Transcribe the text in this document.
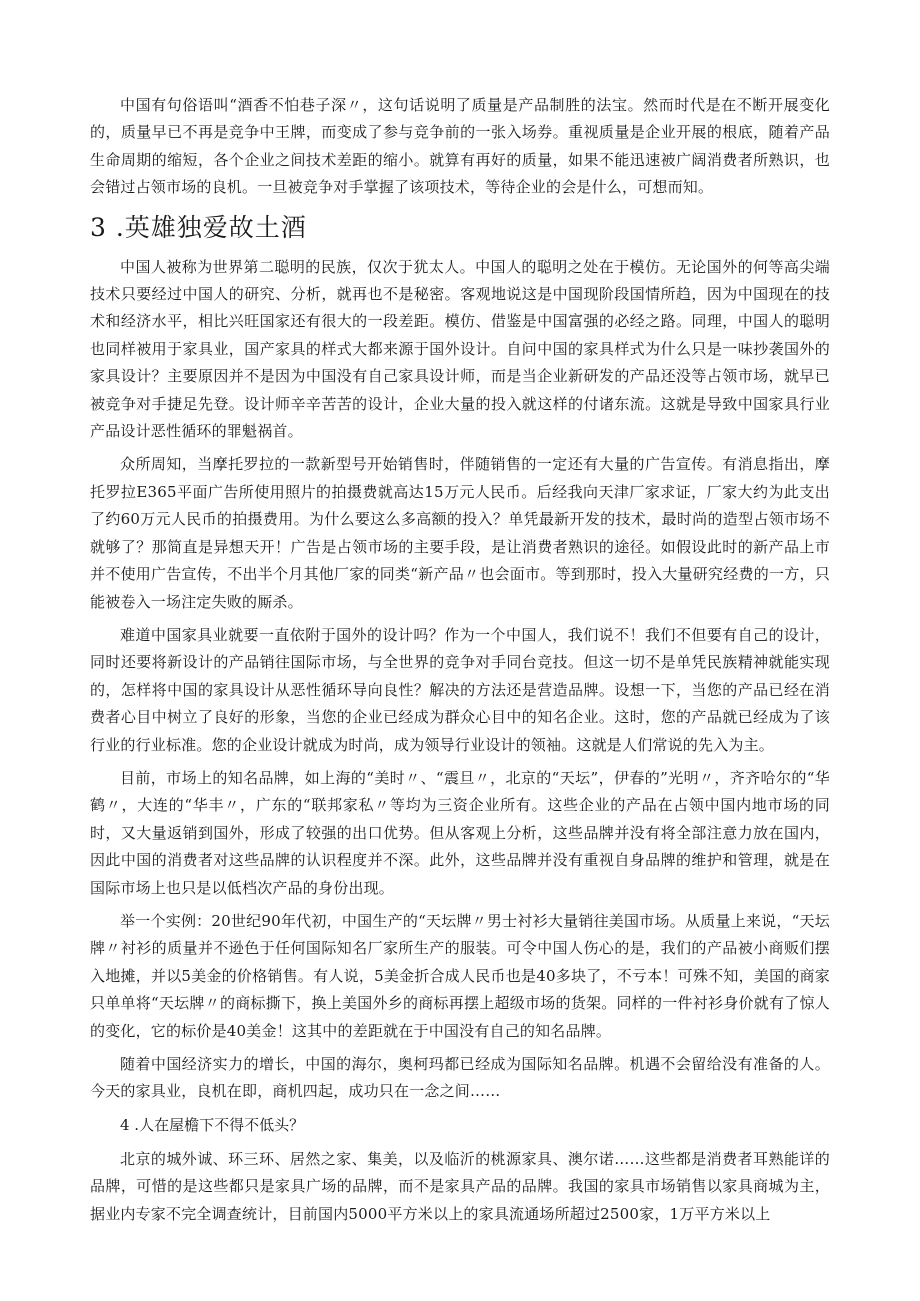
中国有句俗语叫“酒香不怕巷子深〃，这句话说明了质量是产品制胜的法宝。然而时代是在不断开展变化的，质量早已不再是竞争中王牌，而变成了参与竞争前的一张入场券。重视质量是企业开展的根底，随着产品生命周期的缩短，各个企业之间技术差距的缩小。就算有再好的质量，如果不能迅速被广阔消费者所熟识，也会错过占领市场的良机。一旦被竞争对手掌握了该项技术，等待企业的会是什么，可想而知。

3 .英雄独爱故土酒

中国人被称为世界第二聪明的民族，仅次于犹太人。中国人的聪明之处在于模仿。无论国外的何等高尖端技术只要经过中国人的研究、分析，就再也不是秘密。客观地说这是中国现阶段国情所趋，因为中国现在的技术和经济水平，相比兴旺国家还有很大的一段差距。模仿、借鉴是中国富强的必经之路。同理，中国人的聪明也同样被用于家具业，国产家具的样式大都来源于国外设计。自问中国的家具样式为什么只是一味抄袭国外的家具设计？主要原因并不是因为中国没有自己家具设计师，而是当企业新研发的产品还没等占领市场，就早已被竞争对手捷足先登。设计师辛辛苦苦的设计，企业大量的投入就这样的付诸东流。这就是导致中国家具行业产品设计恶性循环的罪魁祸首。

众所周知，当摩托罗拉的一款新型号开始销售时，伴随销售的一定还有大量的广告宣传。有消息指出，摩托罗拉E365平面广告所使用照片的拍摄费就高达15万元人民币。后经我向天津厂家求证，厂家大约为此支出了约60万元人民币的拍摄费用。为什么要这么多高额的投入？单凭最新开发的技术，最时尚的造型占领市场不就够了？那简直是异想天开！广告是占领市场的主要手段，是让消费者熟识的途径。如假设此时的新产品上市并不使用广告宣传，不出半个月其他厂家的同类“新产品〃也会面市。等到那时，投入大量研究经费的一方，只能被卷入一场注定失败的厮杀。

难道中国家具业就要一直依附于国外的设计吗？作为一个中国人，我们说不！我们不但要有自己的设计，同时还要将新设计的产品销往国际市场，与全世界的竞争对手同台竞技。但这一切不是单凭民族精神就能实现的，怎样将中国的家具设计从恶性循环导向良性？解决的方法还是营造品牌。设想一下，当您的产品已经在消费者心目中树立了良好的形象，当您的企业已经成为群众心目中的知名企业。这时，您的产品就已经成为了该行业的行业标准。您的企业设计就成为时尚，成为领导行业设计的领袖。这就是人们常说的先入为主。

目前，市场上的知名品牌，如上海的“美时〃、“震旦〃，北京的“天坛”，伊春的”光明〃，齐齐哈尔的“华鹤〃，大连的“华丰〃，广东的“联邦家私〃等均为三资企业所有。这些企业的产品在占领中国内地市场的同时，又大量返销到国外，形成了较强的出口优势。但从客观上分析，这些品牌并没有将全部注意力放在国内，因此中国的消费者对这些品牌的认识程度并不深。此外，这些品牌并没有重视自身品牌的维护和管理，就是在国际市场上也只是以低档次产品的身份出现。

举一个实例：20世纪90年代初，中国生产的“天坛牌〃男士衬衫大量销往美国市场。从质量上来说，“天坛牌〃衬衫的质量并不逊色于任何国际知名厂家所生产的服装。可令中国人伤心的是，我们的产品被小商贩们摆入地摊，并以5美金的价格销售。有人说，5美金折合成人民币也是40多块了，不亏本！可殊不知，美国的商家只单单将“天坛牌〃的商标撕下，换上美国外乡的商标再摆上超级市场的货架。同样的一件衬衫身价就有了惊人的变化，它的标价是40美金！这其中的差距就在于中国没有自己的知名品牌。

随着中国经济实力的增长，中国的海尔，奥柯玛都已经成为国际知名品牌。机遇不会留给没有准备的人。今天的家具业，良机在即，商机四起，成功只在一念之间……

4 .人在屋檐下不得不低头？

北京的城外诚、环三环、居然之家、集美，以及临沂的桃源家具、澳尔诺……这些都是消费者耳熟能详的品牌，可惜的是这些都只是家具广场的品牌，而不是家具产品的品牌。我国的家具市场销售以家具商城为主，据业内专家不完全调查统计，目前国内5000平方米以上的家具流通场所超过2500家，1万平方米以上
